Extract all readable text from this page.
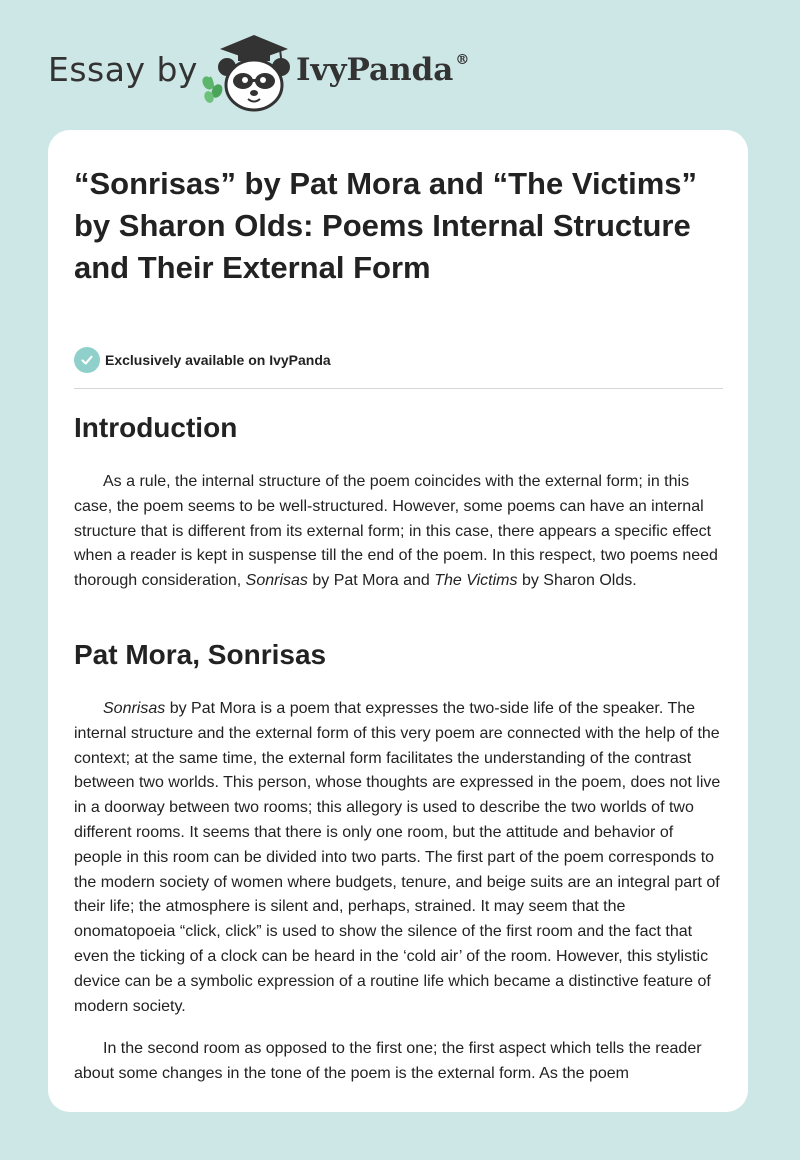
Essay by	IvyPanda ®
“Sonrisas” by Pat Mora and “The Victims” by Sharon Olds: Poems Internal Structure and Their External Form
Exclusively available on IvyPanda
Introduction

As a rule, the internal structure of the poem coincides with the external form; in this case, the poem seems to be well-structured. However, some poems can have an internal structure that is different from its external form; in this case, there appears a specific effect when a reader is kept in suspense till the end of the poem. In this respect, two poems need thorough consideration, Sonrisas by Pat Mora and The Victims by Sharon Olds.

Pat Mora, Sonrisas

Sonrisas by Pat Mora is a poem that expresses the two-side life of the speaker. The internal structure and the external form of this very poem are connected with the help of the context; at the same time, the external form facilitates the understanding of the contrast between two worlds. This person, whose thoughts are expressed in the poem, does not live in a doorway between two rooms; this allegory is used to describe the two worlds of two different rooms. It seems that there is only one room, but the attitude and behavior of people in this room can be divided into two parts. The first part of the poem corresponds to the modern society of women where budgets, tenure, and beige suits are an integral part of their life; the atmosphere is silent and, perhaps, strained. It may seem that the onomatopoeia “click, click” is used to show the silence of the first room and the fact that even the ticking of a clock can be heard in the ‘cold air’ of the room. However, this stylistic device can be a symbolic expression of a routine life which became a distinctive feature of modern society.

In the second room as opposed to the first one; the first aspect which tells the reader about some changes in the tone of the poem is the external form. As the poem
